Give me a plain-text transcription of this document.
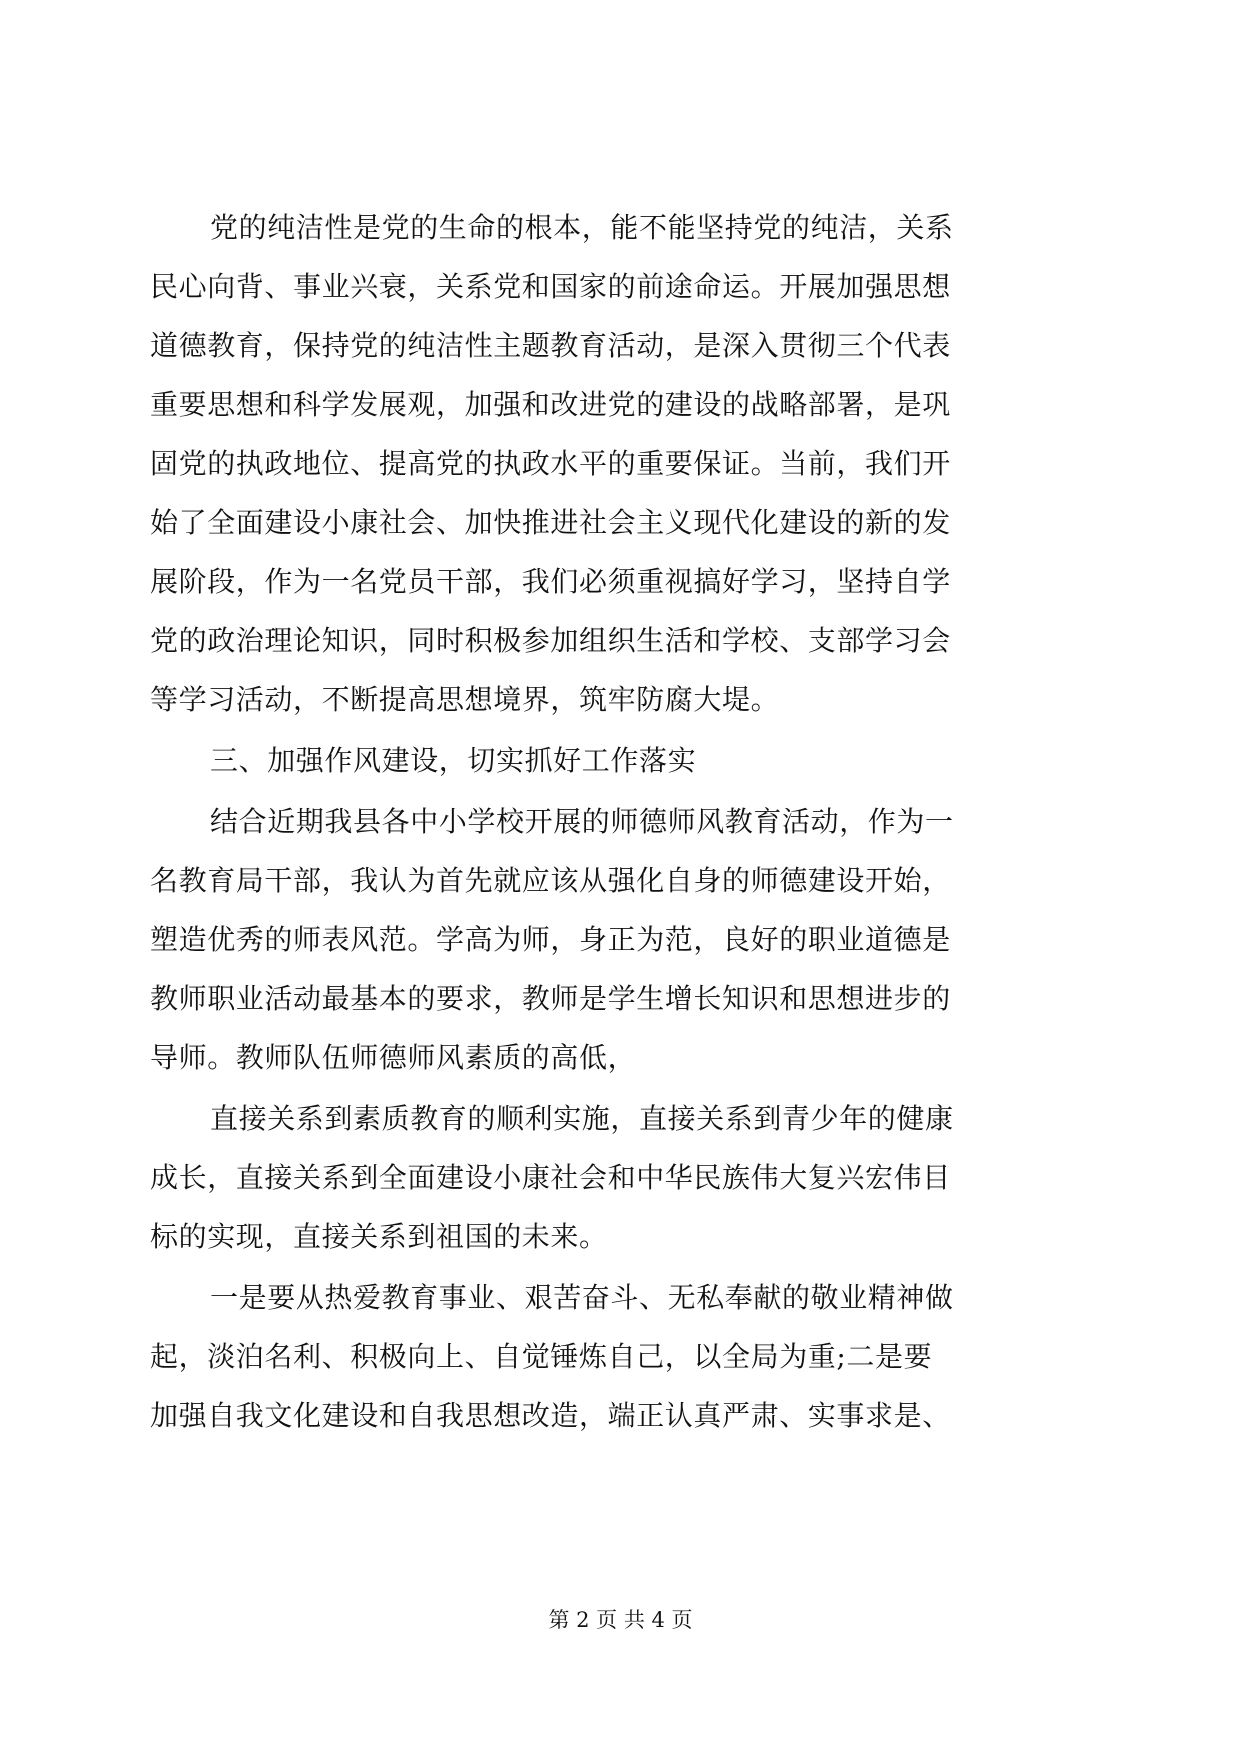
党的纯洁性是党的生命的根本，能不能坚持党的纯洁，关系
民心向背、事业兴衰，关系党和国家的前途命运。开展加强思想
道德教育，保持党的纯洁性主题教育活动，是深入贯彻三个代表
重要思想和科学发展观，加强和改进党的建设的战略部署，是巩
固党的执政地位、提高党的执政水平的重要保证。当前，我们开
始了全面建设小康社会、加快推进社会主义现代化建设的新的发
展阶段，作为一名党员干部，我们必须重视搞好学习，坚持自学
党的政治理论知识，同时积极参加组织生活和学校、支部学习会
等学习活动，不断提高思想境界，筑牢防腐大堤。
三、加强作风建设，切实抓好工作落实
结合近期我县各中小学校开展的师德师风教育活动，作为一
名教育局干部，我认为首先就应该从强化自身的师德建设开始，
塑造优秀的师表风范。学高为师，身正为范，良好的职业道德是
教师职业活动最基本的要求，教师是学生增长知识和思想进步的
导师。教师队伍师德师风素质的高低，
直接关系到素质教育的顺利实施，直接关系到青少年的健康
成长，直接关系到全面建设小康社会和中华民族伟大复兴宏伟目
标的实现，直接关系到祖国的未来。
一是要从热爱教育事业、艰苦奋斗、无私奉献的敬业精神做
起，淡泊名利、积极向上、自觉锤炼自己，以全局为重;二是要
加强自我文化建设和自我思想改造，端正认真严肃、实事求是、
第 2 页 共 4 页
